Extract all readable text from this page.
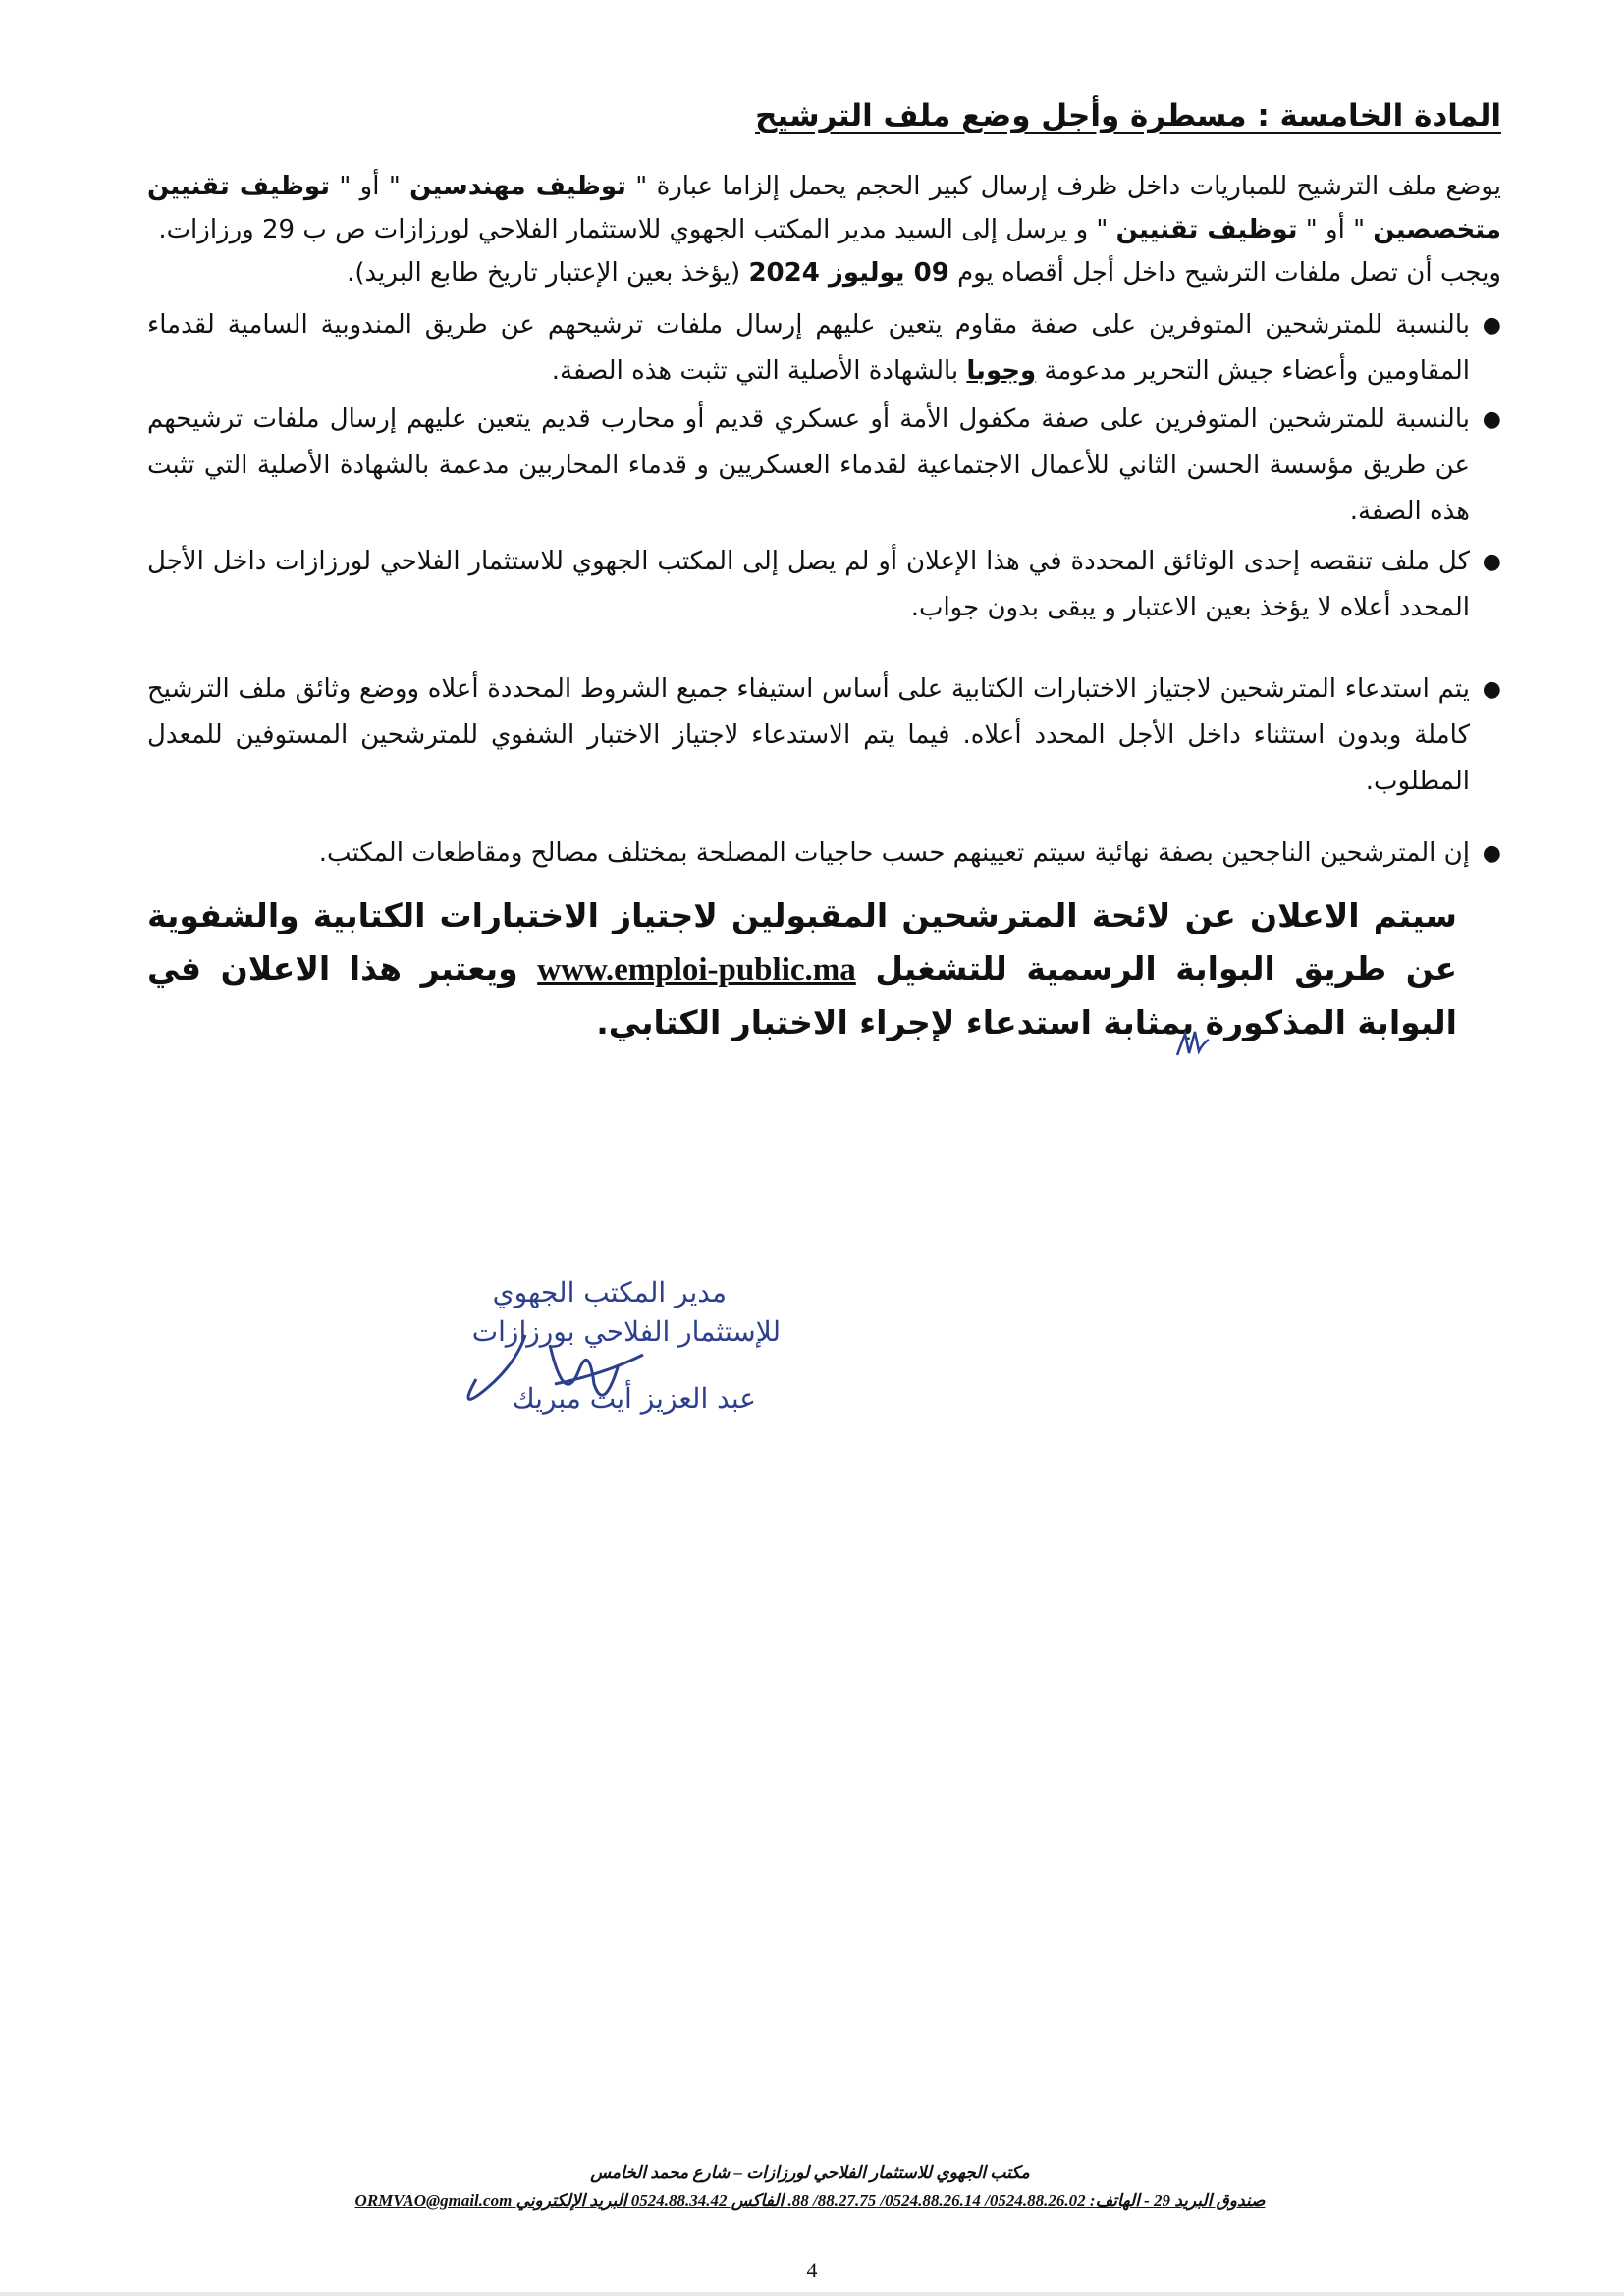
المادة الخامسة : مسطرة وأجل وضع ملف الترشيح

يوضع ملف الترشيح للمباريات داخل ظرف إرسال كبير الحجم يحمل إلزاما عبارة " توظيف مهندسين " أو " توظيف تقنيين متخصصين " أو " توظيف تقنيين " و يرسل إلى السيد مدير المكتب الجهوي للاستثمار الفلاحي لورزازات ص ب 29 ورزازات.

ويجب أن تصل ملفات الترشيح داخل أجل أقصاه يوم 09 يوليوز 2024 (يؤخذ بعين الإعتبار تاريخ طابع البريد).

●
بالنسبة للمترشحين المتوفرين على صفة مقاوم يتعين عليهم إرسال ملفات ترشيحهم عن طريق المندوبية السامية لقدماء المقاومين وأعضاء جيش التحرير مدعومة وجوبا بالشهادة الأصلية التي تثبت هذه الصفة.
●
بالنسبة للمترشحين المتوفرين على صفة مكفول الأمة أو عسكري قديم أو محارب قديم يتعين عليهم إرسال ملفات ترشيحهم عن طريق مؤسسة الحسن الثاني للأعمال الاجتماعية لقدماء العسكريين و قدماء المحاربين مدعمة بالشهادة الأصلية التي تثبت هذه الصفة.
●
كل ملف تنقصه إحدى الوثائق المحددة في هذا الإعلان أو لم يصل إلى المكتب الجهوي للاستثمار الفلاحي لورزازات داخل الأجل المحدد أعلاه لا يؤخذ بعين الاعتبار و يبقى بدون جواب.
●
يتم استدعاء المترشحين لاجتياز الاختبارات الكتابية على أساس استيفاء جميع الشروط المحددة أعلاه ووضع وثائق ملف الترشيح كاملة وبدون استثناء داخل الأجل المحدد أعلاه. فيما يتم الاستدعاء لاجتياز الاختبار الشفوي للمترشحين المستوفين للمعدل المطلوب.
●
إن المترشحين الناجحين بصفة نهائية سيتم تعيينهم حسب حاجيات المصلحة بمختلف مصالح ومقاطعات المكتب.
سيتم الاعلان عن لائحة المترشحين المقبولين لاجتياز الاختبارات الكتابية والشفوية عن طريق البوابة الرسمية للتشغيل www.emploi-public.ma ويعتبر هذا الاعلان في البوابة المذكورة بمثابة استدعاء لإجراء الاختبار الكتابي.
مدير المكتب الجهوي
للإستثمار الفلاحي بورزازات
عبد العزيز أيت مبريك
مكتب الجهوي للاستثمار الفلاحي لورزازات – شارع محمد الخامس
صندوق البريد 29 - الهاتف: 0524.88.26.02/ 0524.88.26.14/ 88.27.75/ 88. الفاكس 0524.88.34.42 البريد الإلكتروني ORMVAO@gmail.com
4
